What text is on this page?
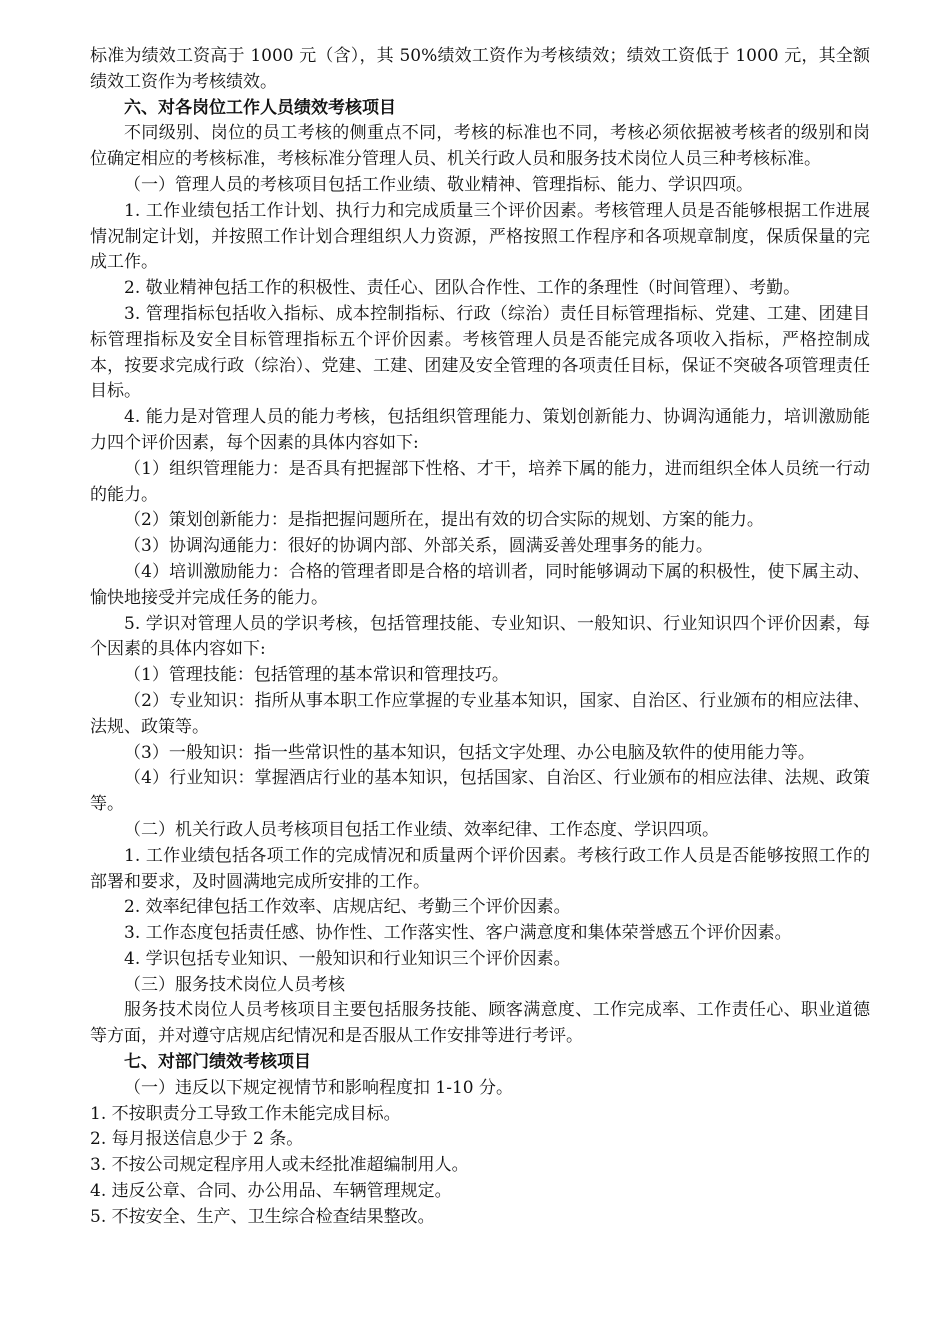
标准为绩效工资高于 1000 元（含），其 50%绩效工资作为考核绩效；绩效工资低于 1000 元，其全额绩效工资作为考核绩效。

六、对各岗位工作人员绩效考核项目

不同级别、岗位的员工考核的侧重点不同，考核的标准也不同，考核必须依据被考核者的级别和岗位确定相应的考核标准，考核标准分管理人员、机关行政人员和服务技术岗位人员三种考核标准。

（一）管理人员的考核项目包括工作业绩、敬业精神、管理指标、能力、学识四项。

1. 工作业绩包括工作计划、执行力和完成质量三个评价因素。考核管理人员是否能够根据工作进展情况制定计划，并按照工作计划合理组织人力资源，严格按照工作程序和各项规章制度，保质保量的完成工作。

2. 敬业精神包括工作的积极性、责任心、团队合作性、工作的条理性（时间管理）、考勤。

3. 管理指标包括收入指标、成本控制指标、行政（综治）责任目标管理指标、党建、工建、团建目标管理指标及安全目标管理指标五个评价因素。考核管理人员是否能完成各项收入指标，严格控制成本，按要求完成行政（综治）、党建、工建、团建及安全管理的各项责任目标，保证不突破各项管理责任目标。

4. 能力是对管理人员的能力考核，包括组织管理能力、策划创新能力、协调沟通能力，培训激励能力四个评价因素，每个因素的具体内容如下:

（1）组织管理能力：是否具有把握部下性格、才干，培养下属的能力，进而组织全体人员统一行动的能力。

（2）策划创新能力：是指把握问题所在，提出有效的切合实际的规划、方案的能力。

（3）协调沟通能力：很好的协调内部、外部关系，圆满妥善处理事务的能力。

（4）培训激励能力：合格的管理者即是合格的培训者，同时能够调动下属的积极性，使下属主动、愉快地接受并完成任务的能力。

5. 学识对管理人员的学识考核，包括管理技能、专业知识、一般知识、行业知识四个评价因素，每个因素的具体内容如下:

（1）管理技能：包括管理的基本常识和管理技巧。

（2）专业知识：指所从事本职工作应掌握的专业基本知识，国家、自治区、行业颁布的相应法律、法规、政策等。

（3）一般知识：指一些常识性的基本知识，包括文字处理、办公电脑及软件的使用能力等。

（4）行业知识：掌握酒店行业的基本知识，包括国家、自治区、行业颁布的相应法律、法规、政策等。

（二）机关行政人员考核项目包括工作业绩、效率纪律、工作态度、学识四项。

1. 工作业绩包括各项工作的完成情况和质量两个评价因素。考核行政工作人员是否能够按照工作的部署和要求，及时圆满地完成所安排的工作。

2. 效率纪律包括工作效率、店规店纪、考勤三个评价因素。

3. 工作态度包括责任感、协作性、工作落实性、客户满意度和集体荣誉感五个评价因素。

4. 学识包括专业知识、一般知识和行业知识三个评价因素。

（三）服务技术岗位人员考核

服务技术岗位人员考核项目主要包括服务技能、顾客满意度、工作完成率、工作责任心、职业道德等方面，并对遵守店规店纪情况和是否服从工作安排等进行考评。

七、对部门绩效考核项目

（一）违反以下规定视情节和影响程度扣 1-10 分。

1. 不按职责分工导致工作未能完成目标。

2. 每月报送信息少于 2 条。

3. 不按公司规定程序用人或未经批准超编制用人。

4. 违反公章、合同、办公用品、车辆管理规定。

5. 不按安全、生产、卫生综合检查结果整改。
